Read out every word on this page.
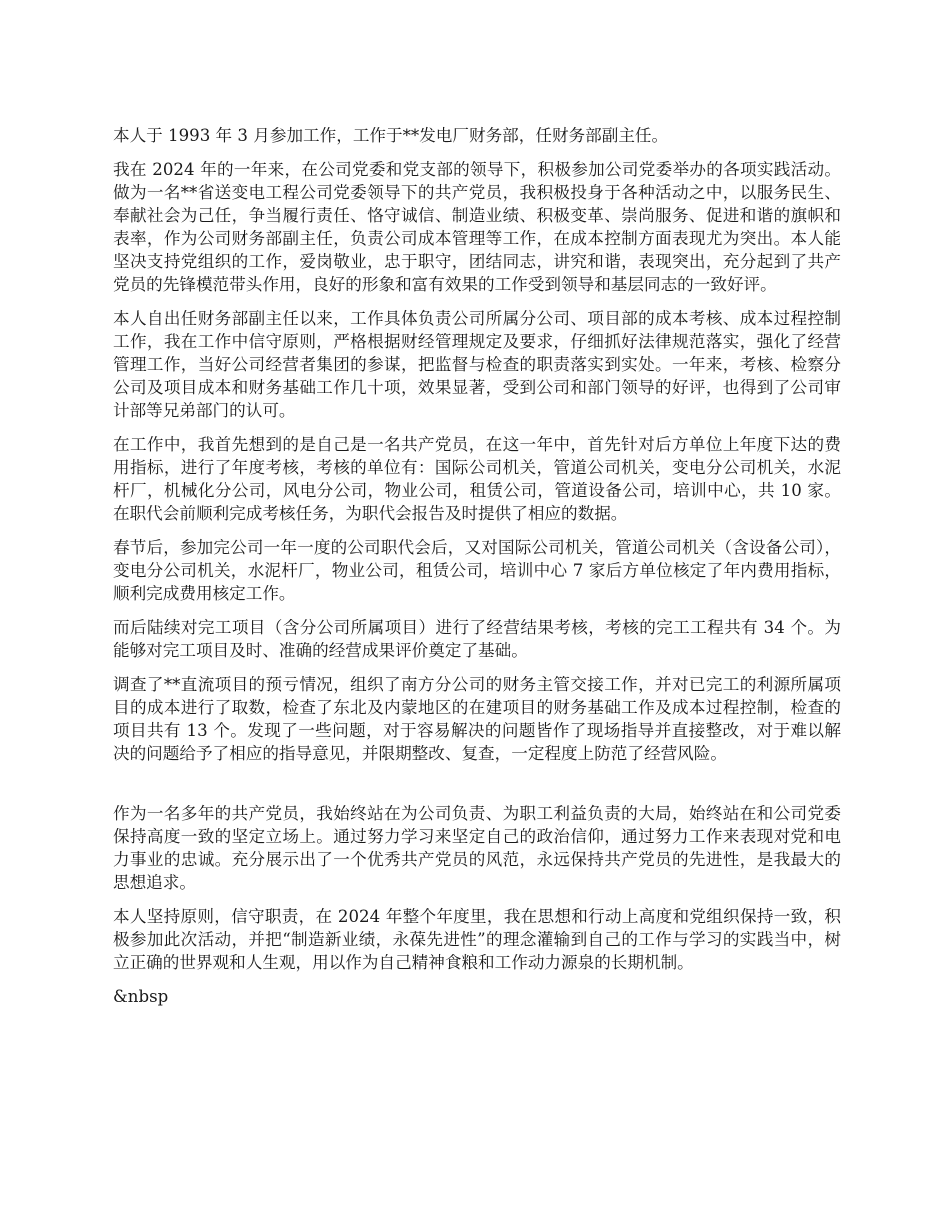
本人于 1993 年 3 月参加工作，工作于**发电厂财务部，任财务部副主任。

我在 2024 年的一年来，在公司党委和党支部的领导下，积极参加公司党委举办的各项实践活动。做为一名**省送变电工程公司党委领导下的共产党员，我积极投身于各种活动之中，以服务民生、奉献社会为己任，争当履行责任、恪守诚信、制造业绩、积极变革、崇尚服务、促进和谐的旗帜和表率，作为公司财务部副主任，负责公司成本管理等工作，在成本控制方面表现尤为突出。本人能坚决支持党组织的工作，爱岗敬业，忠于职守，团结同志，讲究和谐，表现突出，充分起到了共产党员的先锋模范带头作用，良好的形象和富有效果的工作受到领导和基层同志的一致好评。

本人自出任财务部副主任以来，工作具体负责公司所属分公司、项目部的成本考核、成本过程控制工作，我在工作中信守原则，严格根据财经管理规定及要求，仔细抓好法律规范落实，强化了经营管理工作，当好公司经营者集团的参谋，把监督与检查的职责落实到实处。一年来，考核、检察分公司及项目成本和财务基础工作几十项，效果显著，受到公司和部门领导的好评，也得到了公司审计部等兄弟部门的认可。

在工作中，我首先想到的是自己是一名共产党员，在这一年中，首先针对后方单位上年度下达的费用指标，进行了年度考核，考核的单位有：国际公司机关，管道公司机关，变电分公司机关，水泥杆厂，机械化分公司，风电分公司，物业公司，租赁公司，管道设备公司，培训中心，共 10 家。在职代会前顺利完成考核任务，为职代会报告及时提供了相应的数据。

春节后，参加完公司一年一度的公司职代会后，又对国际公司机关，管道公司机关（含设备公司），变电分公司机关，水泥杆厂，物业公司，租赁公司，培训中心 7 家后方单位核定了年内费用指标，顺利完成费用核定工作。

而后陆续对完工项目（含分公司所属项目）进行了经营结果考核，考核的完工工程共有 34 个。为能够对完工项目及时、准确的经营成果评价奠定了基础。

调查了**直流项目的预亏情况，组织了南方分公司的财务主管交接工作，并对已完工的利源所属项目的成本进行了取数，检查了东北及内蒙地区的在建项目的财务基础工作及成本过程控制，检查的项目共有 13 个。发现了一些问题，对于容易解决的问题皆作了现场指导并直接整改，对于难以解决的问题给予了相应的指导意见，并限期整改、复查，一定程度上防范了经营风险。

作为一名多年的共产党员，我始终站在为公司负责、为职工利益负责的大局，始终站在和公司党委保持高度一致的坚定立场上。通过努力学习来坚定自己的政治信仰，通过努力工作来表现对党和电力事业的忠诚。充分展示出了一个优秀共产党员的风范，永远保持共产党员的先进性，是我最大的思想追求。

本人坚持原则，信守职责，在 2024 年整个年度里，我在思想和行动上高度和党组织保持一致，积极参加此次活动，并把“制造新业绩，永葆先进性”的理念灌输到自己的工作与学习的实践当中，树立正确的世界观和人生观，用以作为自己精神食粮和工作动力源泉的长期机制。

&nbsp
